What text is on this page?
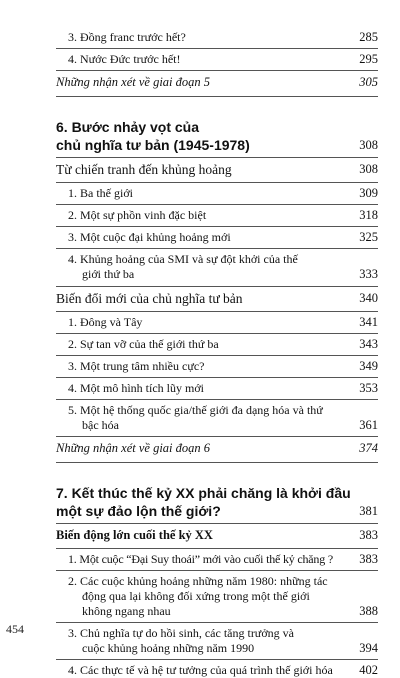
3. Đồng franc trước hết?	285
4. Nước Đức trước hết!	295
Những nhận xét về giai đoạn 5	305
6. Bước nhảy vọt của
chủ nghĩa tư bản (1945-1978)	308
Từ chiến tranh đến khủng hoảng	308
1. Ba thế giới	309
2. Một sự phồn vinh đặc biệt	318
3. Một cuộc đại khủng hoảng mới	325
4. Khủng hoảng của SMI và sự đột khởi của thế giới thứ ba	333
Biến đổi mới của chủ nghĩa tư bản	340
1. Đông và Tây	341
2. Sự tan vỡ của thế giới thứ ba	343
3. Một trung tâm nhiều cực?	349
4. Một mô hình tích lũy mới	353
5. Một hệ thống quốc gia/thế giới đa dạng hóa và thứ bậc hóa	361
Những nhận xét về giai đoạn 6	374
7. Kết thúc thế kỷ XX phải chăng là khởi đầu
một sự đảo lộn thế giới?	381
Biến động lớn cuối thế kỷ XX	383
1. Một cuộc “Đại Suy thoái” mới vào cuối thế kỷ chăng ?	383
2. Các cuộc khủng hoảng những năm 1980: những tác động qua lại không đối xứng trong một thế giới không ngang nhau	388
3. Chủ nghĩa tự do hồi sinh, các tăng trưởng và cuộc khủng hoảng những năm 1990	394
4. Các thực tế và hệ tư tưởng của quá trình thế giới hóa	402
454
